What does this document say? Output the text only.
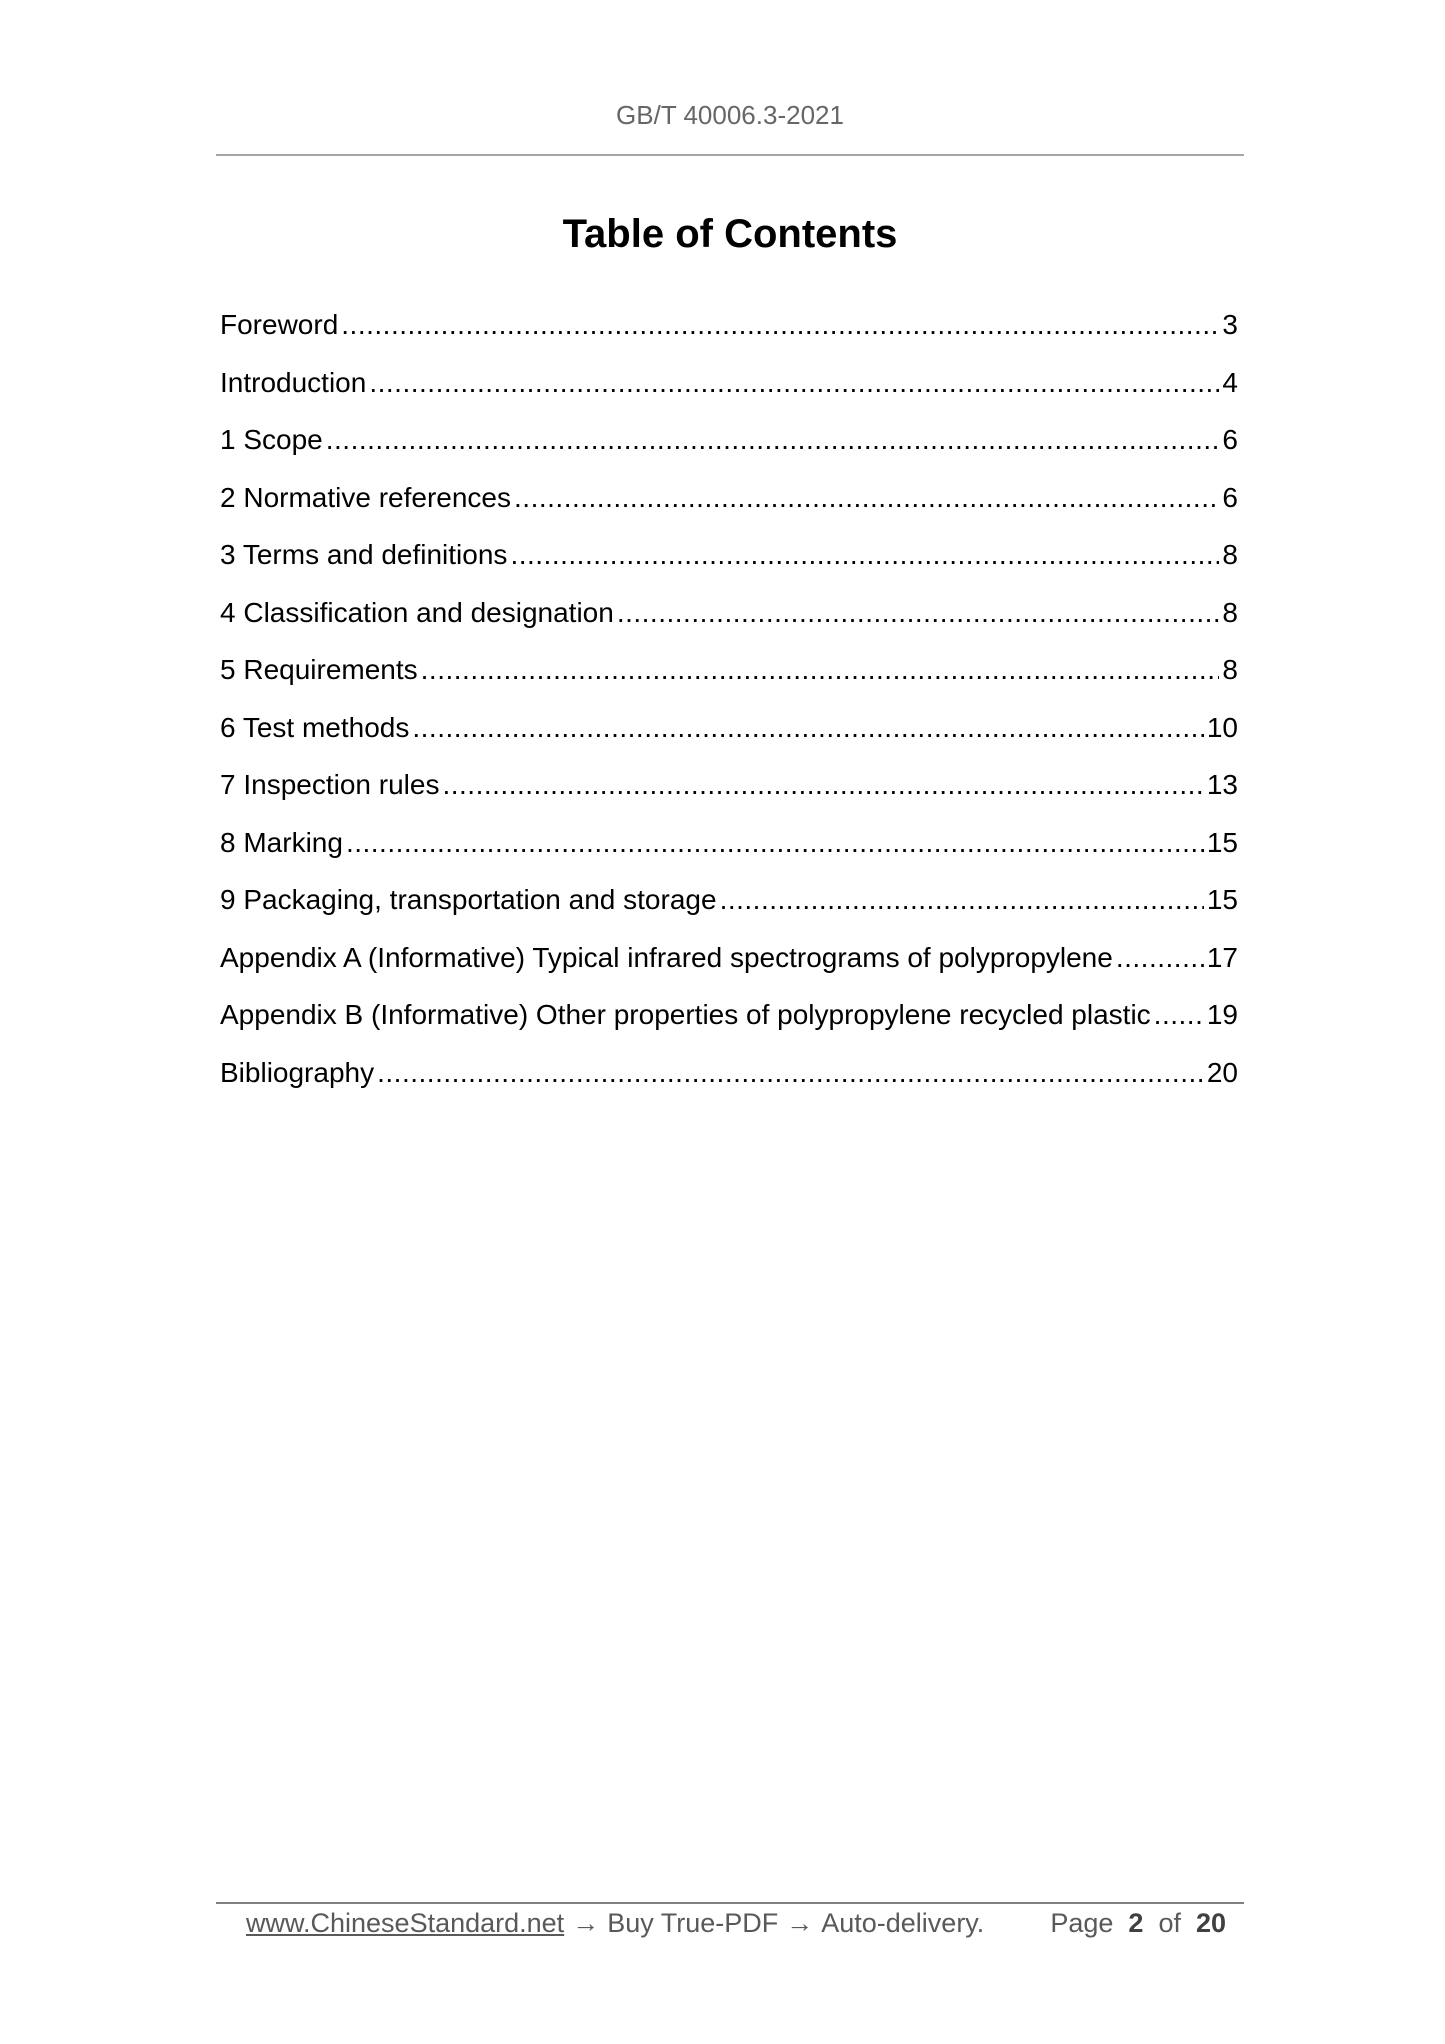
GB/T 40006.3-2021
Table of Contents
Foreword .....	3
Introduction .....	4
1 Scope .....	6
2 Normative references .....	6
3 Terms and definitions .....	8
4 Classification and designation .....	8
5 Requirements .....	8
6 Test methods .....	10
7 Inspection rules .....	13
8 Marking .....	15
9 Packaging, transportation and storage .....	15
Appendix A (Informative) Typical infrared spectrograms of polypropylene .....	17
Appendix B (Informative) Other properties of polypropylene recycled plastic ..... 19
Bibliography .....	20
www.ChineseStandard.net → Buy True-PDF → Auto-delivery. Page 2 of 20
